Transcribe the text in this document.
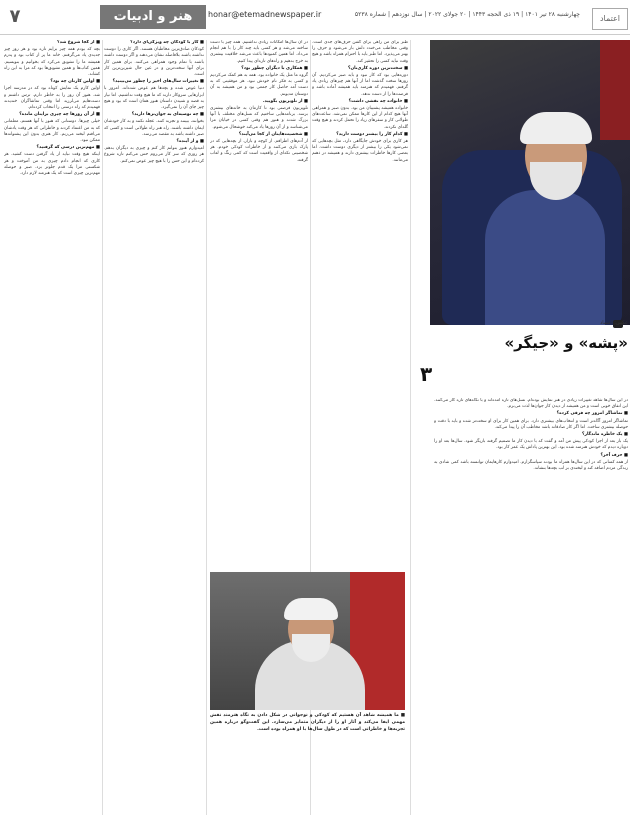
۷	هنر و ادبیات	honar@etemadnewspaper.ir	چهارشنبه ۲۸ تیر ۱۴۰۱ | ۱۹ ذی الحجه ۱۴۴۳ | ۲۰ جولای ۲۰۲۲ | سال نوزدهم | شماره ۵۲۳۸	اعتماد

■ از کجا شروع شد؟

بچه که بودم همه چیز برایم تازه بود و هر روز چیز جدیدی یاد می‌گرفتم. خانه ما پر از کتاب بود و پدرم همیشه ما را تشویق می‌کرد که بخوانیم و بنویسیم. همین کتاب‌ها و همین تشویق‌ها بود که مرا به این راه کشاند.

■ اولین کارتان چه بود؟

اولین کارم یک نمایش کوتاه بود که در مدرسه اجرا شد. هنوز آن روز را به خاطر دارم. ترس داشتم و دست‌هایم می‌لرزید اما وقتی تماشاگران خندیدند فهمیدم که راه درستی را انتخاب کرده‌ام.

■ از آن روزها چه چیزی برایتان مانده؟

خیلی چیزها. دوستانی که هنوز با آنها هستم، معلمانی که به من اعتماد کردند و خاطراتی که هر وقت یادشان می‌افتم لبخند می‌زنم. کار هنری بدون این پشتوانه‌ها ممکن نبود.

■ مهم‌ترین درسی که گرفتید؟

اینکه هیچ وقت نباید از یاد گرفتن دست کشید. هر کاری که انجام دادم چیزی به من آموخت و هر شکستی مرا یک قدم جلوتر برد. صبر و حوصله مهم‌ترین چیزی است که یک هنرمند لازم دارد.

■ کار با کودکان چه ویژگی‌ای دارد؟

کودکان صادق‌ترین مخاطبان هستند. اگر کاری را دوست نداشته باشند بلافاصله نشان می‌دهند و اگر دوست داشته باشند با تمام وجود همراهی می‌کنند. برای همین کار برای آنها سخت‌ترین و در عین حال شیرین‌ترین کار است.

■ تغییرات سال‌های اخیر را چطور می‌بینید؟

دنیا عوض شده و بچه‌ها هم عوض شده‌اند. امروز با ابزارهایی سروکار دارند که ما هیچ وقت نداشتیم. اما نیاز به قصه و شنیدن داستان هنوز همان است که بود و هیچ چیز جای آن را نمی‌گیرد.

■ چه توصیه‌ای به جوان‌ترها دارید؟

بخوانند، ببینند و تجربه کنند. عجله نکنند و به کار خودشان ایمان داشته باشند. راه هنر راه طولانی است و کسی که صبر داشته باشد به مقصد می‌رسد.

■ و از آینده؟

امیدوارم هنوز بتوانم کار کنم و چیزی به دیگران بدهم. هر روزی که سر کار می‌روم حس می‌کنم تازه شروع کرده‌ام و این حس را با هیچ چیز عوض نمی‌کنم.

در آن سال‌ها امکانات زیادی نداشتیم. همه چیز با دست ساخته می‌شد و هر کسی باید چند کار را با هم انجام می‌داد. اما همین کمبودها باعث می‌شد خلاقیت بیشتری به خرج بدهیم و راه‌های تازه‌ای پیدا کنیم.

■ همکاری با دیگران چطور بود؟

گروه ما مثل یک خانواده بود. همه به هم کمک می‌کردیم و کسی به فکر نام خودش نبود. هر موفقیتی که به دست آمد حاصل کار جمعی بود و من همیشه به آن دوستان مدیونم.

■ از تلویزیون بگویید.

تلویزیون فرصتی بود تا کارمان به خانه‌های بیشتری برسد. برنامه‌هایی ساختیم که نسل‌های مختلف با آنها بزرگ شدند و هنوز هم وقتی کسی در خیابان مرا می‌شناسد و از آن روزها یاد می‌کند خوشحال می‌شوم.

■ شخصیت‌هایتان از کجا می‌آیند؟

از آدم‌های اطرافم. از کوچه و بازار، از بچه‌هایی که در پارک بازی می‌کنند و از خاطرات کودکی خودم. هر شخصیتی تکه‌ای از واقعیت است که کمی رنگ و لعاب گرفته.

طنز برای من راهی برای گفتن حرف‌های جدی است. وقتی مخاطب می‌خندد دلش باز می‌شود و حرف را بهتر می‌پذیرد. اما طنز باید با احترام همراه باشد و هیچ وقت نباید کسی را تحقیر کند.

■ سخت‌ترین دوره کاری‌تان؟

دوره‌هایی بود که کار نبود و باید صبر می‌کردیم. آن روزها سخت گذشت اما از آنها هم چیزهای زیادی یاد گرفتم. فهمیدم که هنرمند باید همیشه آماده باشد و فرصت‌ها را از دست ندهد.

■ خانواده چه نقشی داشت؟

خانواده همیشه پشتیبان من بود. بدون صبر و همراهی آنها هیچ کدام از این کارها ممکن نمی‌شد. ساعت‌های طولانی کار و سفرهای زیاد را تحمل کردند و هیچ وقت گله‌ای نکردند.

■ کدام کار را بیشتر دوست دارید؟

هر کاری برای خودش جایگاهی دارد، مثل بچه‌هایی که نمی‌شود یکی را بیشتر از دیگری دوست داشت. اما بعضی کارها خاطرات بیشتری دارند و همیشه در ذهنم می‌مانند.

در این سال‌ها شاهد تغییرات زیادی در هنر نمایش بوده‌ام. نسل‌های تازه آمده‌اند و با نگاه‌های تازه کار می‌کنند. این اتفاق خوبی است و من همیشه از دیدن کار جوان‌ها لذت می‌برم.

■ تماشاگر امروز چه فرقی کرده؟

تماشاگر امروز آگاه‌تر است و انتخاب‌های بیشتری دارد. برای همین کار برای او سخت‌تر شده و باید با دقت و حوصله بیشتری ساخت. اما اگر کار صادقانه باشد مخاطب آن را پیدا می‌کند.

■ یک خاطره ماندگار؟

یک بار بعد از اجرا کودکی پیش من آمد و گفت که با دیدن کار ما تصمیم گرفته بازیگر شود. سال‌ها بعد او را دوباره دیدم که خودش هنرمند شده بود. این بهترین پاداش یک عمر کار بود.

■ حرف آخر؟

از همه کسانی که در این سال‌ها همراه ما بودند سپاسگزارم. امیدوارم کارهایمان توانسته باشد کمی شادی به زندگی مردم اضافه کند و لبخندی بر لب بچه‌ها بنشاند.

عکس: اعتماد
«پشه» و «جیگر»
۳
■ ما همیشه شاهد آن هستیم که کودکی و نوجوانی در شکل دادن به نگاه هنرمند نقش مهمی ایفا می‌کند و آثار او را از دیگران متمایز می‌سازد. این گفت‌وگو درباره همین تجربه‌ها و خاطراتی است که در طول سال‌ها با او همراه بوده است.
